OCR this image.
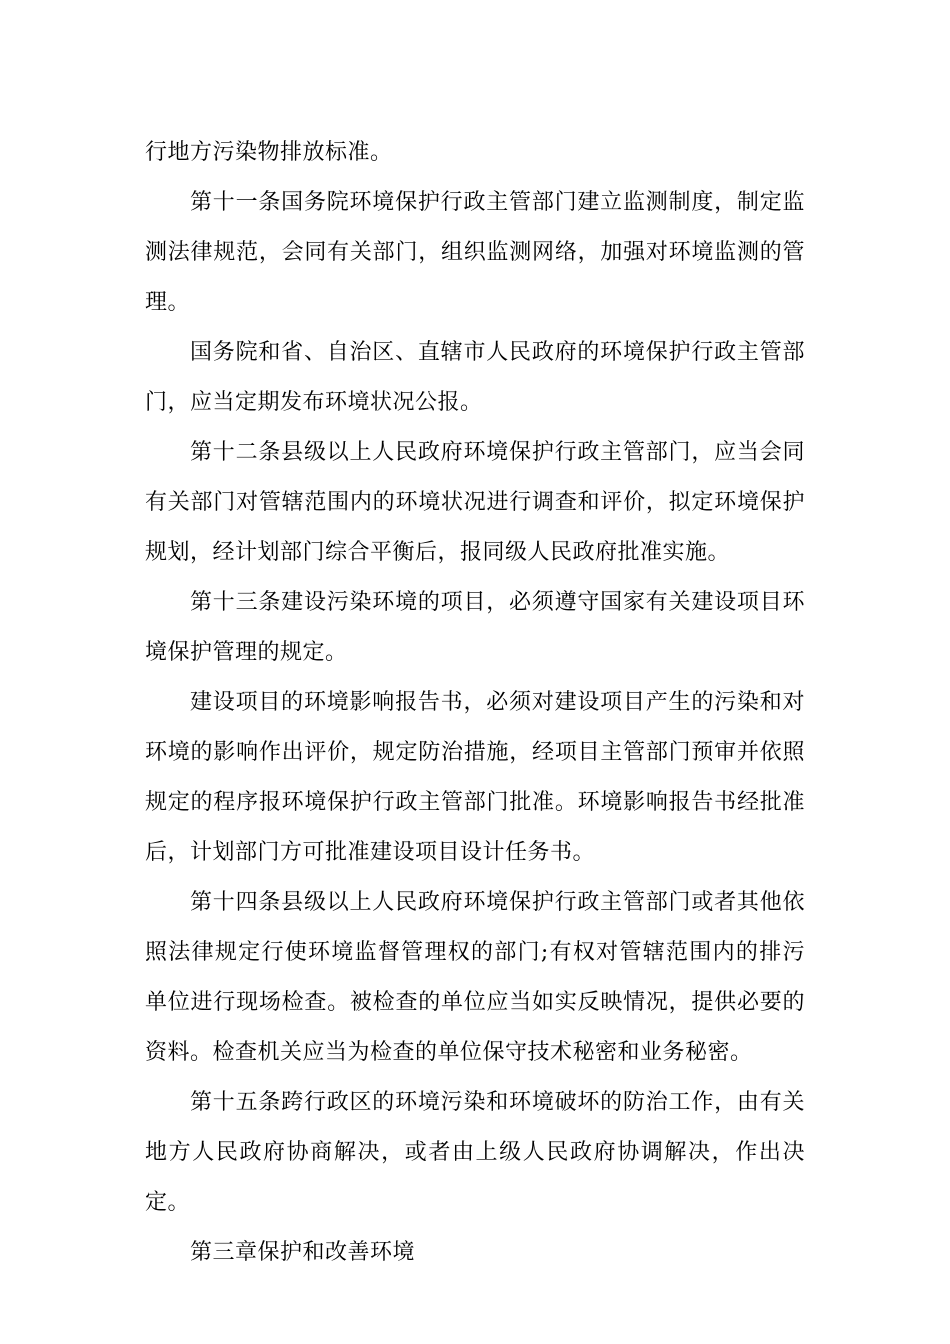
行地方污染物排放标准。

第十一条国务院环境保护行政主管部门建立监测制度，制定监测法律规范，会同有关部门，组织监测网络，加强对环境监测的管理。

国务院和省、自治区、直辖市人民政府的环境保护行政主管部门，应当定期发布环境状况公报。

第十二条县级以上人民政府环境保护行政主管部门，应当会同有关部门对管辖范围内的环境状况进行调查和评价，拟定环境保护规划，经计划部门综合平衡后，报同级人民政府批准实施。

第十三条建设污染环境的项目，必须遵守国家有关建设项目环境保护管理的规定。

建设项目的环境影响报告书，必须对建设项目产生的污染和对环境的影响作出评价，规定防治措施，经项目主管部门预审并依照规定的程序报环境保护行政主管部门批准。环境影响报告书经批准后，计划部门方可批准建设项目设计任务书。

第十四条县级以上人民政府环境保护行政主管部门或者其他依照法律规定行使环境监督管理权的部门;有权对管辖范围内的排污单位进行现场检查。被检查的单位应当如实反映情况，提供必要的资料。检查机关应当为检查的单位保守技术秘密和业务秘密。

第十五条跨行政区的环境污染和环境破坏的防治工作，由有关地方人民政府协商解决，或者由上级人民政府协调解决，作出决定。

第三章保护和改善环境
